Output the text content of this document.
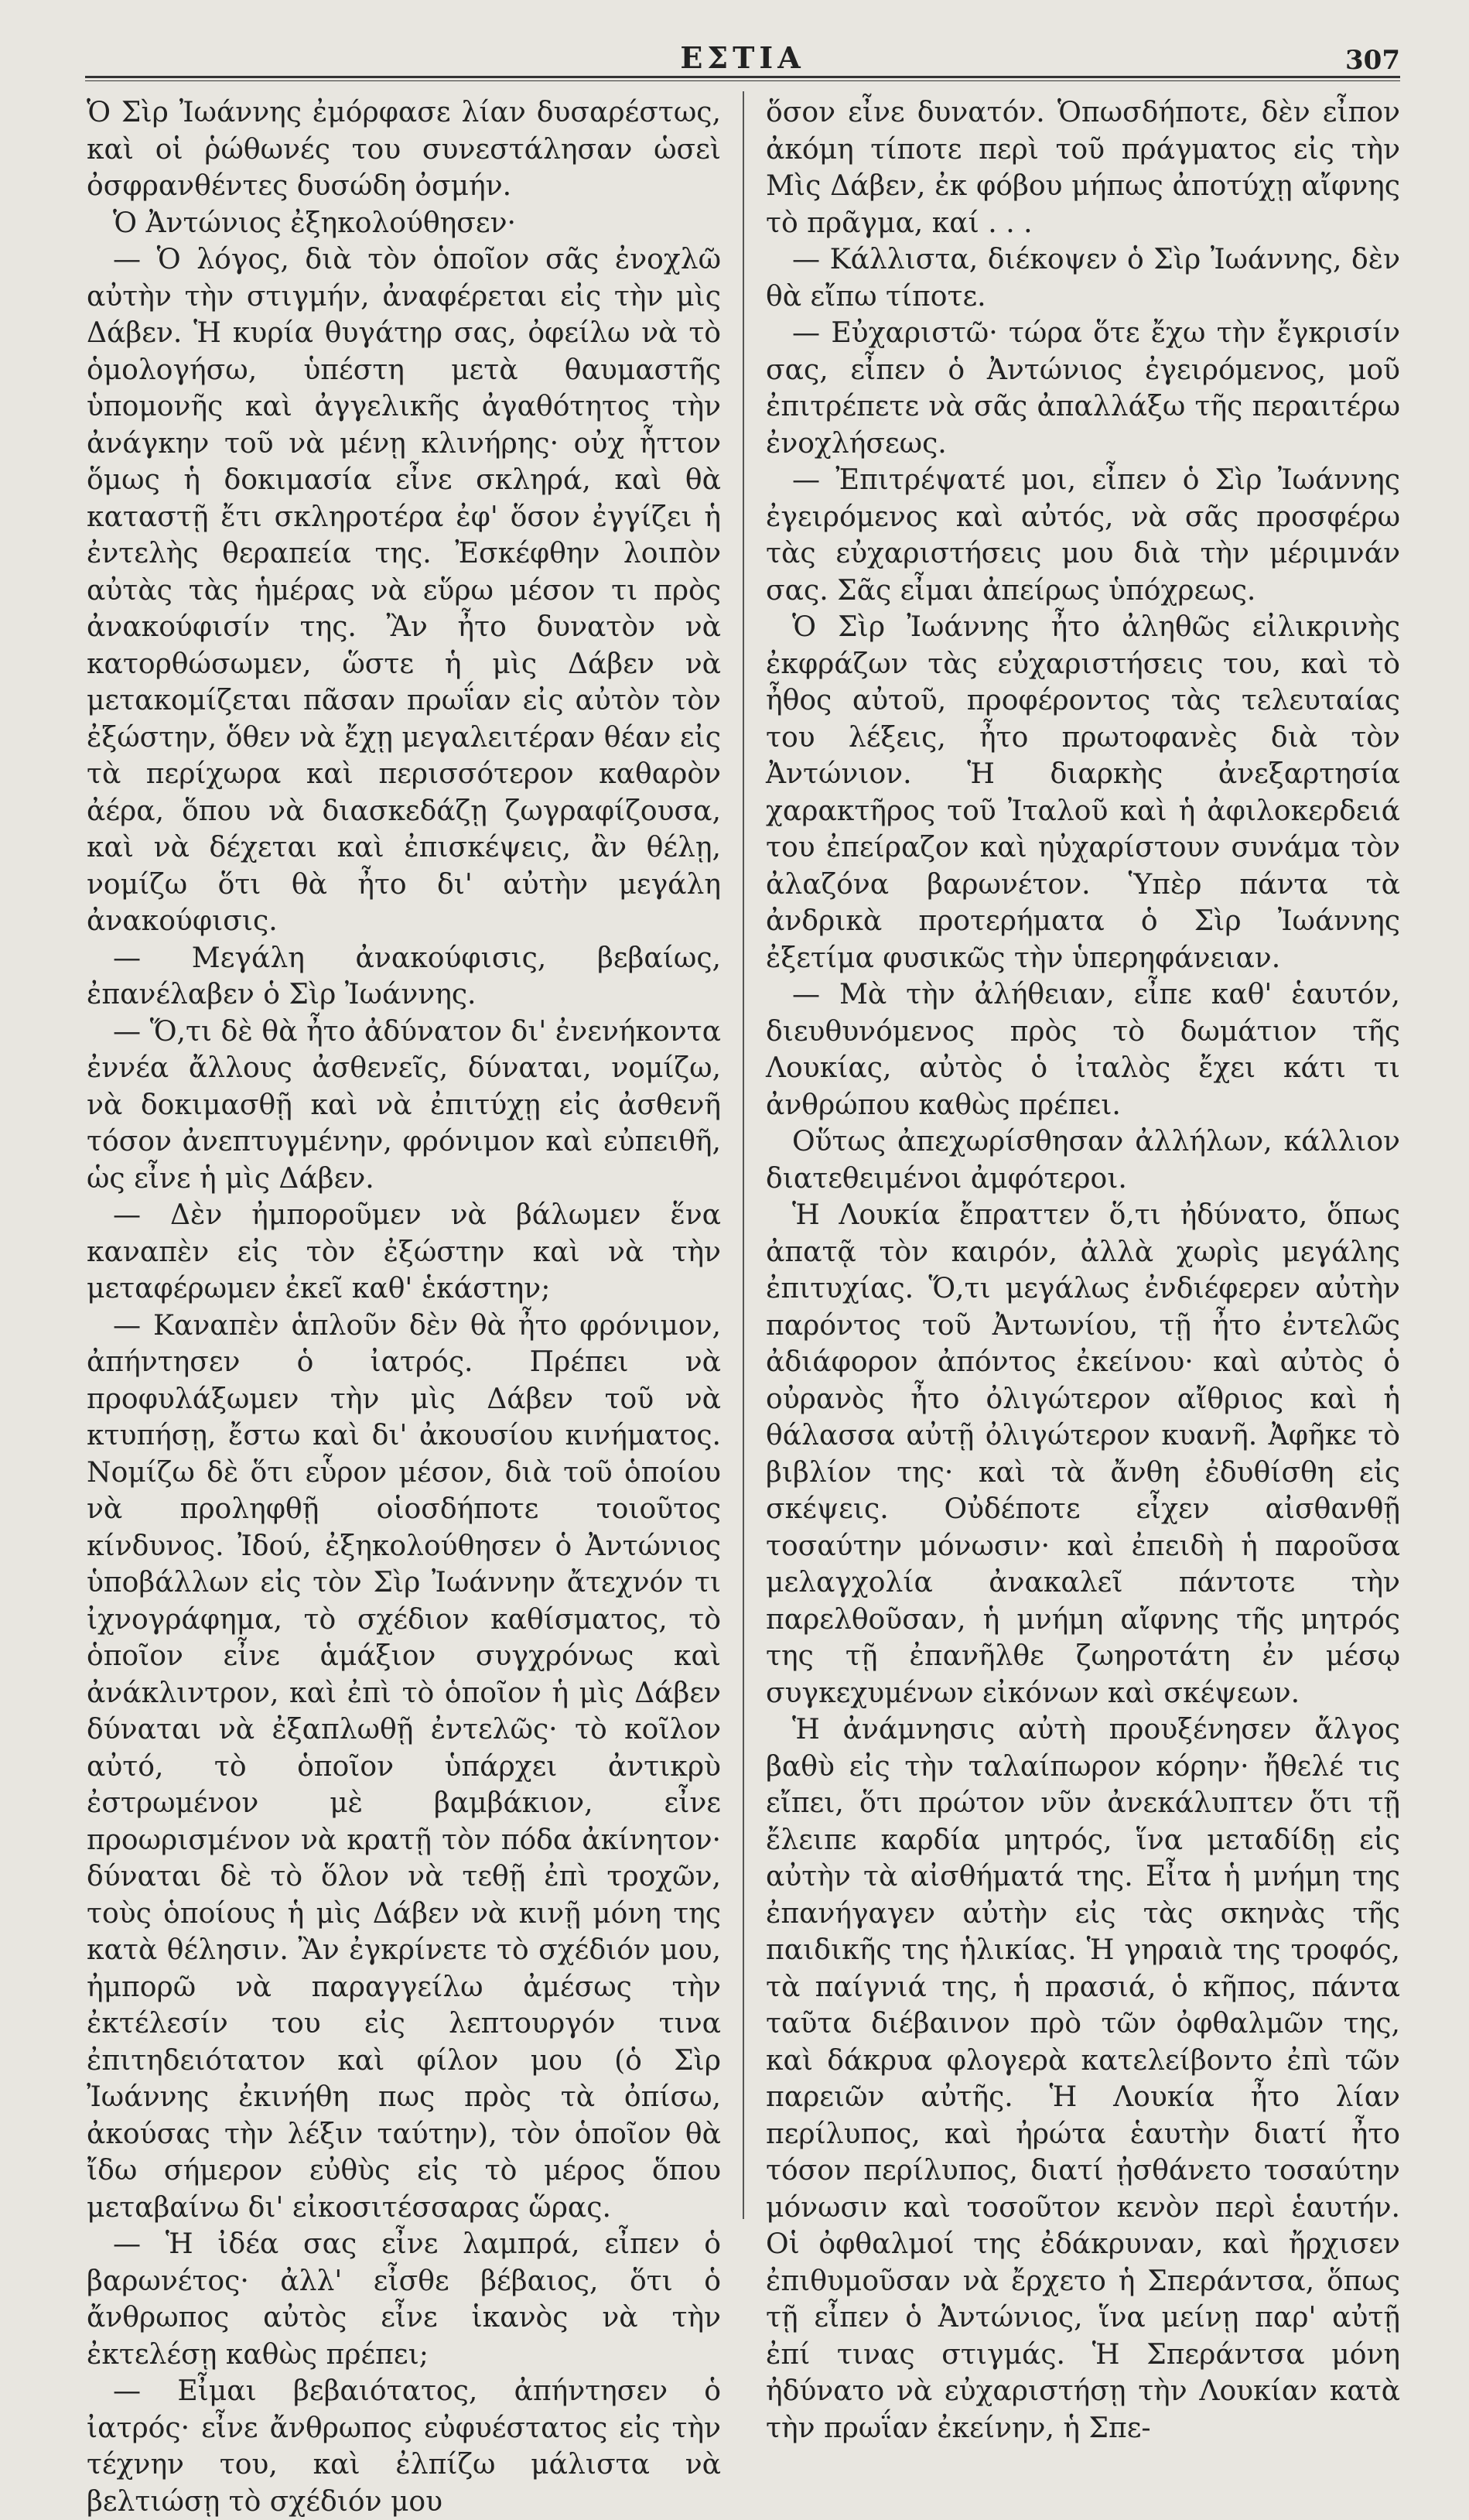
ΕΣΤΙΑ	307

Ὁ Σὶρ Ἰωάννης ἐμόρφασε λίαν δυσαρέστως, καὶ οἱ ῥώθωνές του συνεστάλησαν ὡσεὶ ὀσφρανθέντες δυσώδη ὀσμήν.

Ὁ Ἀντώνιος ἐξηκολούθησεν·

— Ὁ λόγος, διὰ τὸν ὁποῖον σᾶς ἐνοχλῶ αὐτὴν τὴν στιγμήν, ἀναφέρεται εἰς τὴν μὶς Δάβεν. Ἡ κυρία θυγάτηρ σας, ὀφείλω νὰ τὸ ὁμολογήσω, ὑπέστη μετὰ θαυμαστῆς ὑπομονῆς καὶ ἀγγελικῆς ἀγαθότητος τὴν ἀνάγκην τοῦ νὰ μένῃ κλινήρης· οὐχ ἧττον ὅμως ἡ δοκιμασία εἶνε σκληρά, καὶ θὰ καταστῇ ἔτι σκληροτέρα ἐφ' ὅσον ἐγγίζει ἡ ἐντελὴς θεραπεία της. Ἐσκέφθην λοιπὸν αὐτὰς τὰς ἡμέρας νὰ εὕρω μέσον τι πρὸς ἀνακούφισίν της. Ἂν ἦτο δυνατὸν νὰ κατορθώσωμεν, ὥστε ἡ μὶς Δάβεν νὰ μετακομίζεται πᾶσαν πρωΐαν εἰς αὐτὸν τὸν ἐξώστην, ὅθεν νὰ ἔχῃ μεγαλειτέραν θέαν εἰς τὰ περίχωρα καὶ περισσότερον καθαρὸν ἀέρα, ὅπου νὰ διασκεδάζῃ ζωγραφίζουσα, καὶ νὰ δέχεται καὶ ἐπισκέψεις, ἂν θέλῃ, νομίζω ὅτι θὰ ἦτο δι' αὐτὴν μεγάλη ἀνακούφισις.

— Μεγάλη ἀνακούφισις, βεβαίως, ἐπανέλαβεν ὁ Σὶρ Ἰωάννης.

— Ὅ,τι δὲ θὰ ἦτο ἀδύνατον δι' ἐνενήκοντα ἐννέα ἄλλους ἀσθενεῖς, δύναται, νομίζω, νὰ δοκιμασθῇ καὶ νὰ ἐπιτύχῃ εἰς ἀσθενῆ τόσον ἀνεπτυγμένην, φρόνιμον καὶ εὐπειθῆ, ὡς εἶνε ἡ μὶς Δάβεν.

— Δὲν ἠμποροῦμεν νὰ βάλωμεν ἕνα καναπὲν εἰς τὸν ἐξώστην καὶ νὰ τὴν μεταφέρωμεν ἐκεῖ καθ' ἑκάστην;

— Καναπὲν ἁπλοῦν δὲν θὰ ἦτο φρόνιμον, ἀπήντησεν ὁ ἰατρός. Πρέπει νὰ προφυλάξωμεν τὴν μὶς Δάβεν τοῦ νὰ κτυπήσῃ, ἔστω καὶ δι' ἀκουσίου κινήματος. Νομίζω δὲ ὅτι εὗρον μέσον, διὰ τοῦ ὁποίου νὰ προληφθῇ οἱοσδήποτε τοιοῦτος κίνδυνος. Ἰδού, ἐξηκολούθησεν ὁ Ἀντώνιος ὑποβάλλων εἰς τὸν Σὶρ Ἰωάννην ἄτεχνόν τι ἰχνογράφημα, τὸ σχέδιον καθίσματος, τὸ ὁποῖον εἶνε ἁμάξιον συγχρόνως καὶ ἀνάκλιντρον, καὶ ἐπὶ τὸ ὁποῖον ἡ μὶς Δάβεν δύναται νὰ ἐξαπλωθῇ ἐντελῶς· τὸ κοῖλον αὐτό, τὸ ὁποῖον ὑπάρχει ἀντικρὺ ἐστρωμένον μὲ βαμβάκιον, εἶνε προωρισμένον νὰ κρατῇ τὸν πόδα ἀκίνητον· δύναται δὲ τὸ ὅλον νὰ τεθῇ ἐπὶ τροχῶν, τοὺς ὁποίους ἡ μὶς Δάβεν νὰ κινῇ μόνη της κατὰ θέλησιν. Ἂν ἐγκρίνετε τὸ σχέδιόν μου, ἠμπορῶ νὰ παραγγείλω ἀμέσως τὴν ἐκτέλεσίν του εἰς λεπτουργόν τινα ἐπιτηδειότατον καὶ φίλον μου (ὁ Σὶρ Ἰωάννης ἐκινήθη πως πρὸς τὰ ὀπίσω, ἀκούσας τὴν λέξιν ταύτην), τὸν ὁποῖον θὰ ἴδω σήμερον εὐθὺς εἰς τὸ μέρος ὅπου μεταβαίνω δι' εἰκοσιτέσσαρας ὥρας.

— Ἡ ἰδέα σας εἶνε λαμπρά, εἶπεν ὁ βαρωνέτος· ἀλλ' εἶσθε βέβαιος, ὅτι ὁ ἄνθρωπος αὐτὸς εἶνε ἱκανὸς νὰ τὴν ἐκτελέσῃ καθὼς πρέπει;

— Εἶμαι βεβαιότατος, ἀπήντησεν ὁ ἰατρός· εἶνε ἄνθρωπος εὐφυέστατος εἰς τὴν τέχνην του, καὶ ἐλπίζω μάλιστα νὰ βελτιώσῃ τὸ σχέδιόν μου

ὅσον εἶνε δυνατόν. Ὁπωσδήποτε, δὲν εἶπον ἀκόμη τίποτε περὶ τοῦ πράγματος εἰς τὴν Μὶς Δάβεν, ἐκ φόβου μήπως ἀποτύχῃ αἴφνης τὸ πρᾶγμα, καί . . .

— Κάλλιστα, διέκοψεν ὁ Σὶρ Ἰωάννης, δὲν θὰ εἴπω τίποτε.

— Εὐχαριστῶ· τώρα ὅτε ἔχω τὴν ἔγκρισίν σας, εἶπεν ὁ Ἀντώνιος ἐγειρόμενος, μοῦ ἐπιτρέπετε νὰ σᾶς ἀπαλλάξω τῆς περαιτέρω ἐνοχλήσεως.

— Ἐπιτρέψατέ μοι, εἶπεν ὁ Σὶρ Ἰωάννης ἐγειρόμενος καὶ αὐτός, νὰ σᾶς προσφέρω τὰς εὐχαριστήσεις μου διὰ τὴν μέριμνάν σας. Σᾶς εἶμαι ἀπείρως ὑπόχρεως.

Ὁ Σὶρ Ἰωάννης ἦτο ἀληθῶς εἰλικρινὴς ἐκφράζων τὰς εὐχαριστήσεις του, καὶ τὸ ἦθος αὐτοῦ, προφέροντος τὰς τελευταίας του λέξεις, ἦτο πρωτοφανὲς διὰ τὸν Ἀντώνιον. Ἡ διαρκὴς ἀνεξαρτησία χαρακτῆρος τοῦ Ἰταλοῦ καὶ ἡ ἀφιλοκερδειά του ἐπείραζον καὶ ηὐχαρίστουν συνάμα τὸν ἀλαζόνα βαρωνέτον. Ὑπὲρ πάντα τὰ ἀνδρικὰ προτερήματα ὁ Σὶρ Ἰωάννης ἐξετίμα φυσικῶς τὴν ὑπερηφάνειαν.

— Μὰ τὴν ἀλήθειαν, εἶπε καθ' ἑαυτόν, διευθυνόμενος πρὸς τὸ δωμάτιον τῆς Λουκίας, αὐτὸς ὁ ἰταλὸς ἔχει κάτι τι ἀνθρώπου καθὼς πρέπει.

Οὕτως ἀπεχωρίσθησαν ἀλλήλων, κάλλιον διατεθειμένοι ἀμφότεροι.

Ἡ Λουκία ἔπραττεν ὅ,τι ἠδύνατο, ὅπως ἀπατᾷ τὸν καιρόν, ἀλλὰ χωρὶς μεγάλης ἐπιτυχίας. Ὅ,τι μεγάλως ἐνδιέφερεν αὐτὴν παρόντος τοῦ Ἀντωνίου, τῇ ἦτο ἐντελῶς ἀδιάφορον ἀπόντος ἐκείνου· καὶ αὐτὸς ὁ οὐρανὸς ἦτο ὀλιγώτερον αἴθριος καὶ ἡ θάλασσα αὐτῇ ὀλιγώτερον κυανῆ. Ἀφῆκε τὸ βιβλίον της· καὶ τὰ ἄνθη ἐδυθίσθη εἰς σκέψεις. Οὐδέποτε εἶχεν αἰσθανθῇ τοσαύτην μόνωσιν· καὶ ἐπειδὴ ἡ παροῦσα μελαγχολία ἀνακαλεῖ πάντοτε τὴν παρελθοῦσαν, ἡ μνήμη αἴφνης τῆς μητρός της τῇ ἐπανῆλθε ζωηροτάτη ἐν μέσῳ συγκεχυμένων εἰκόνων καὶ σκέψεων.

Ἡ ἀνάμνησις αὐτὴ προυξένησεν ἄλγος βαθὺ εἰς τὴν ταλαίπωρον κόρην· ἤθελέ τις εἴπει, ὅτι πρώτον νῦν ἀνεκάλυπτεν ὅτι τῇ ἔλειπε καρδία μητρός, ἵνα μεταδίδῃ εἰς αὐτὴν τὰ αἰσθήματά της. Εἶτα ἡ μνήμη της ἐπανήγαγεν αὐτὴν εἰς τὰς σκηνὰς τῆς παιδικῆς της ἡλικίας. Ἡ γηραιὰ της τροφός, τὰ παίγνιά της, ἡ πρασιά, ὁ κῆπος, πάντα ταῦτα διέβαινον πρὸ τῶν ὀφθαλμῶν της, καὶ δάκρυα φλογερὰ κατελείβοντο ἐπὶ τῶν παρειῶν αὐτῆς. Ἡ Λουκία ἦτο λίαν περίλυπος, καὶ ἠρώτα ἑαυτὴν διατί ἦτο τόσον περίλυπος, διατί ᾐσθάνετο τοσαύτην μόνωσιν καὶ τοσοῦτον κενὸν περὶ ἑαυτήν. Οἱ ὀφθαλμοί της ἐδάκρυναν, καὶ ἤρχισεν ἐπιθυμοῦσαν νὰ ἔρχετο ἡ Σπεράντσα, ὅπως τῇ εἶπεν ὁ Ἀντώνιος, ἵνα μείνῃ παρ' αὐτῇ ἐπί τινας στιγμάς. Ἡ Σπεράντσα μόνη ἠδύνατο νὰ εὐχαριστήσῃ τὴν Λουκίαν κατὰ τὴν πρωΐαν ἐκείνην, ἡ Σπε-
